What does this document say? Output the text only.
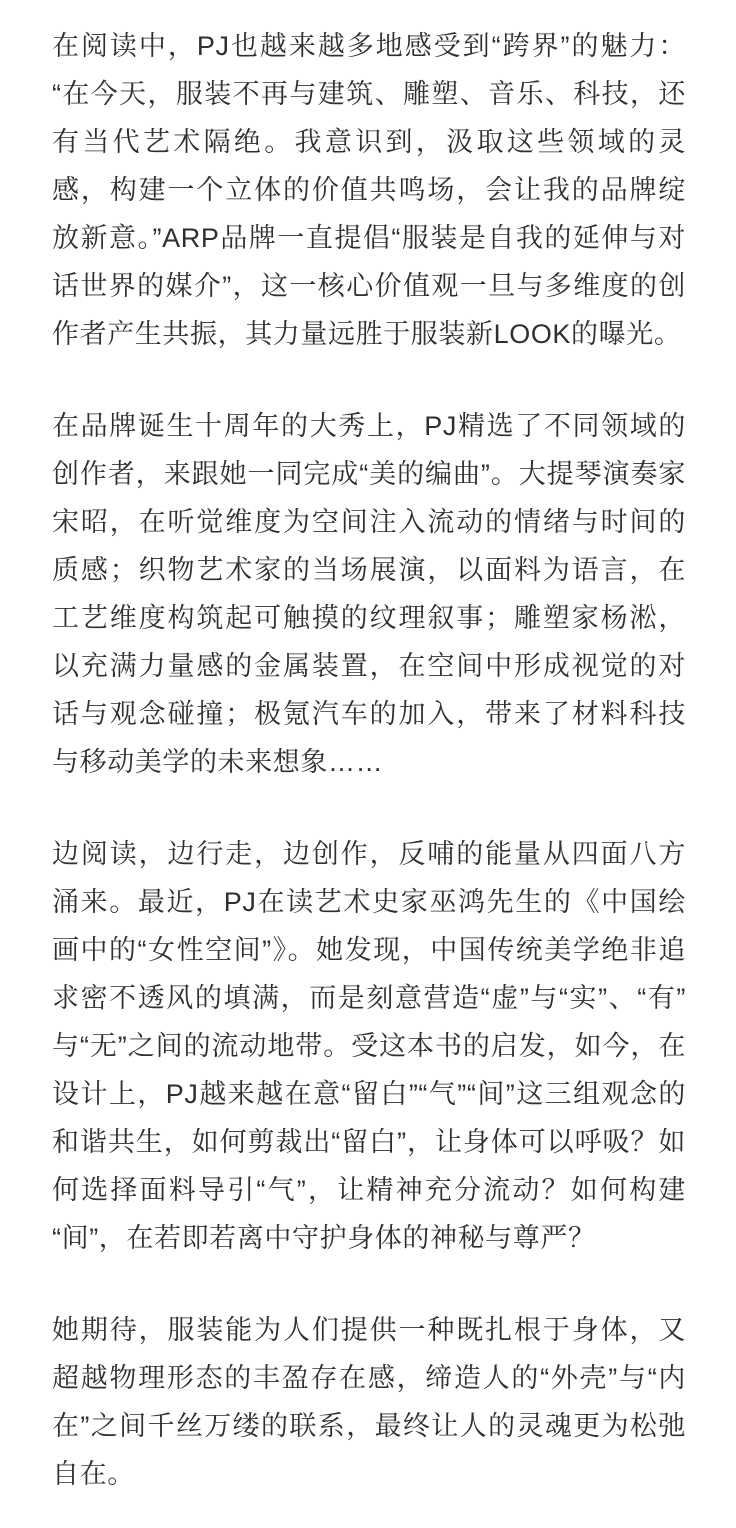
在阅读中，PJ也越来越多地感受到“跨界”的魅力：“在今天，服装不再与建筑、雕塑、音乐、科技，还有当代艺术隔绝。我意识到，汲取这些领域的灵感，构建一个立体的价值共鸣场，会让我的品牌绽放新意。”ARP品牌一直提倡“服装是自我的延伸与对话世界的媒介”，这一核心价值观一旦与多维度的创作者产生共振，其力量远胜于服装新LOOK的曝光。

在品牌诞生十周年的大秀上，PJ精选了不同领域的创作者，来跟她一同完成“美的编曲”。大提琴演奏家宋昭，在听觉维度为空间注入流动的情绪与时间的质感；织物艺术家的当场展演，以面料为语言，在工艺维度构筑起可触摸的纹理叙事；雕塑家杨淞，以充满力量感的金属装置，在空间中形成视觉的对话与观念碰撞；极氪汽车的加入，带来了材料科技与移动美学的未来想象……

边阅读，边行走，边创作，反哺的能量从四面八方涌来。最近，PJ在读艺术史家巫鸿先生的《中国绘画中的“女性空间”》。她发现，中国传统美学绝非追求密不透风的填满，而是刻意营造“虚”与“实”、“有”与“无”之间的流动地带。受这本书的启发，如今，在设计上，PJ越来越在意“留白”“气”“间”这三组观念的和谐共生，如何剪裁出“留白”，让身体可以呼吸？如何选择面料导引“气”，让精神充分流动？如何构建“间”，在若即若离中守护身体的神秘与尊严？

她期待，服装能为人们提供一种既扎根于身体，又超越物理形态的丰盈存在感，缔造人的“外壳”与“内在”之间千丝万缕的联系，最终让人的灵魂更为松弛自在。
